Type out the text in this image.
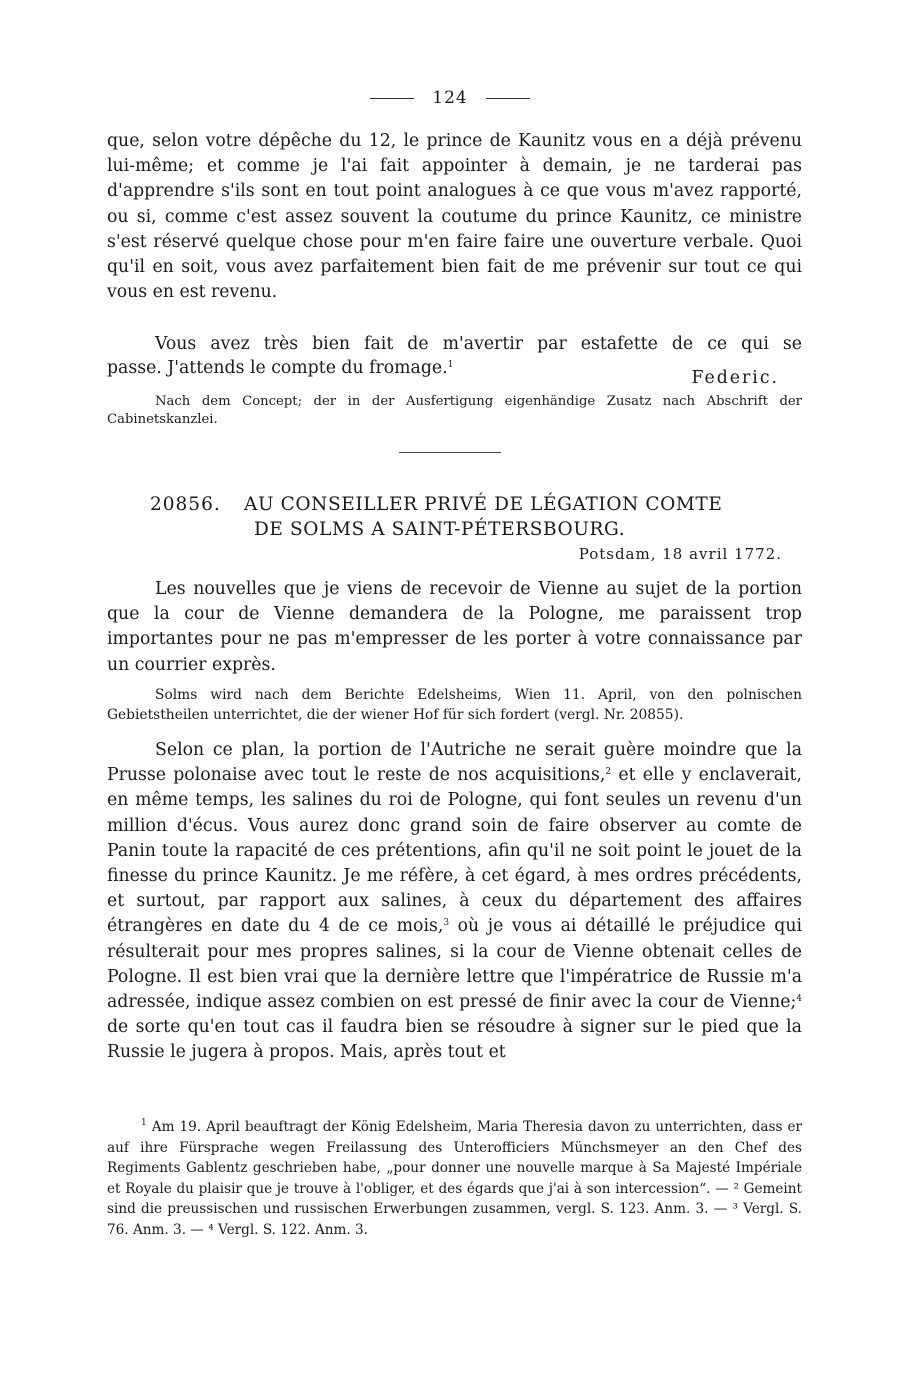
124

que, selon votre dépêche du 12, le prince de Kaunitz vous en a déjà prévenu lui-même; et comme je l'ai fait appointer à demain, je ne tarderai pas d'apprendre s'ils sont en tout point analogues à ce que vous m'avez rapporté, ou si, comme c'est assez souvent la coutume du prince Kaunitz, ce ministre s'est réservé quelque chose pour m'en faire faire une ouverture verbale. Quoi qu'il en soit, vous avez parfaitement bien fait de me prévenir sur tout ce qui vous en est revenu.

Vous avez très bien fait de m'avertir par estafette de ce qui se

passe. J'attends le compte du fromage.$^1$
Federic.

Nach dem Concept; der in der Ausfertigung eigenhändige Zusatz nach Abschrift der Cabinetskanzlei.

20856. AU CONSEILLER PRIVÉ DE LÉGATION COMTE
DE SOLMS A SAINT-PÉTERSBOURG.
Potsdam, 18 avril 1772.

Les nouvelles que je viens de recevoir de Vienne au sujet de la portion que la cour de Vienne demandera de la Pologne, me paraissent trop importantes pour ne pas m'empresser de les porter à votre connaissance par un courrier exprès.

Solms wird nach dem Berichte Edelsheims, Wien 11. April, von den polnischen Gebietstheilen unterrichtet, die der wiener Hof für sich fordert (vergl. Nr. 20855).

Selon ce plan, la portion de l'Autriche ne serait guère moindre que la Prusse polonaise avec tout le reste de nos acquisitions,$^2$ et elle y enclaverait, en même temps, les salines du roi de Pologne, qui font seules un revenu d'un million d'écus. Vous aurez donc grand soin de faire observer au comte de Panin toute la rapacité de ces prétentions, afin qu'il ne soit point le jouet de la finesse du prince Kaunitz. Je me réfère, à cet égard, à mes ordres précédents, et surtout, par rapport aux salines, à ceux du département des affaires étrangères en date du 4 de ce mois,$^3$ où je vous ai détaillé le préjudice qui résulterait pour mes propres salines, si la cour de Vienne obtenait celles de Pologne. Il est bien vrai que la dernière lettre que l'impératrice de Russie m'a adressée, indique assez combien on est pressé de finir avec la cour de Vienne;$^4$ de sorte qu'en tout cas il faudra bien se résoudre à signer sur le pied que la Russie le jugera à propos. Mais, après tout et

$^1$ Am 19. April beauftragt der König Edelsheim, Maria Theresia davon zu unterrichten, dass er auf ihre Fürsprache wegen Freilassung des Unterofficiers Münchsmeyer an den Chef des Regiments Gablentz geschrieben habe, „pour donner une nouvelle marque à Sa Majesté Impériale et Royale du plaisir que je trouve à l'obliger, et des égards que j'ai à son intercession“. — ² Gemeint sind die preussischen und russischen Erwerbungen zusammen, vergl. S. 123. Anm. 3. — ³ Vergl. S. 76. Anm. 3. — ⁴ Vergl. S. 122. Anm. 3.
